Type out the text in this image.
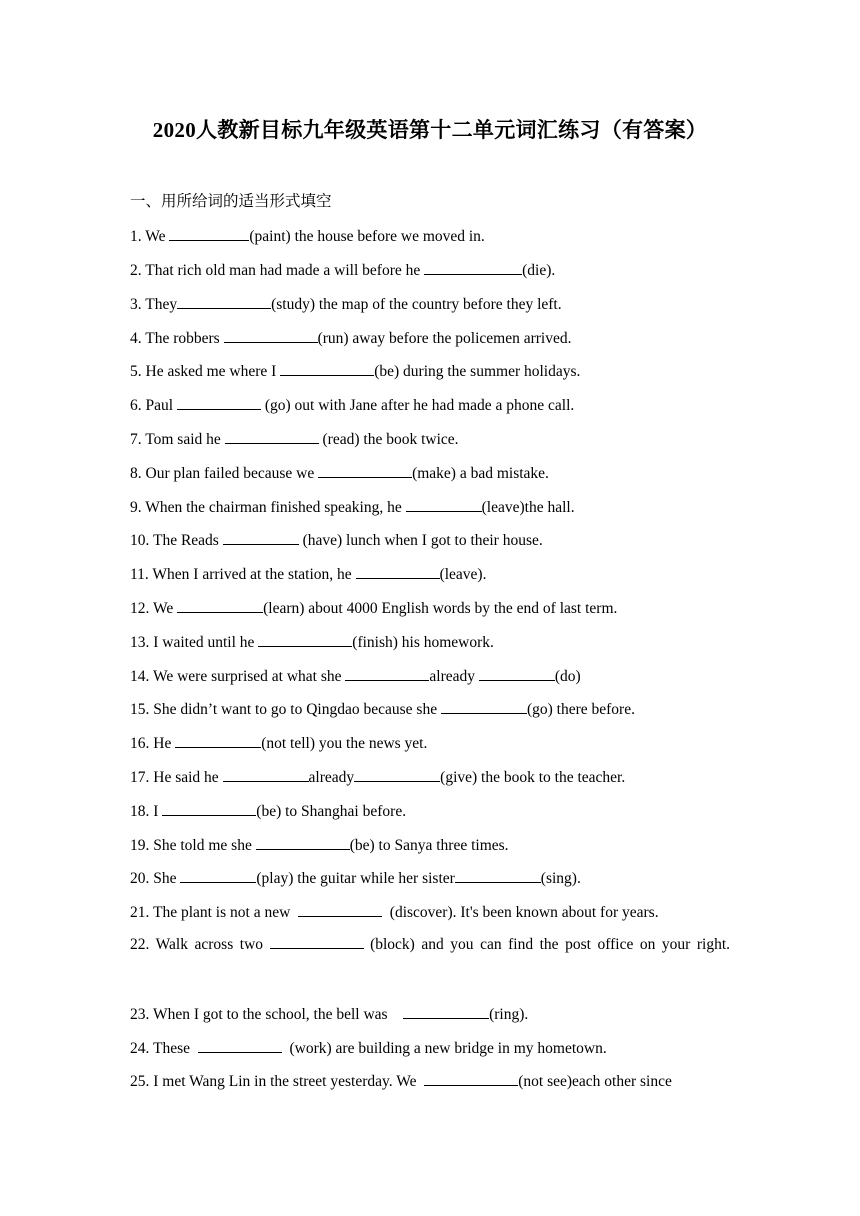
2020人教新目标九年级英语第十二单元词汇练习（有答案）
一、用所给词的适当形式填空
1. We	(paint) the house before we moved in.
2. That rich old man had made a will before he	(die).
3. They	(study) the map of the country before they left.
4. The robbers	(run) away before the policemen arrived.
5. He asked me where I	(be) during the summer holidays.
6. Paul	(go) out with Jane after he had made a phone call.
7. Tom said he	(read) the book twice.
8. Our plan failed because we	(make) a bad mistake.
9. When the chairman finished speaking, he	(leave)the hall.
10. The Reads	(have) lunch when I got to their house.
11. When I arrived at the station, he	(leave).
12. We	(learn) about 4000 English words by the end of last term.
13. I waited until he	(finish) his homework.
14. We were surprised at what she	already	(do)
15. She didn’t want to go to Qingdao because she	(go) there before.
16. He	(not tell) you the news yet.
17. He said he	already	(give) the book to the teacher.
18. I	(be) to Shanghai before.
19. She told me she	(be) to Sanya three times.
20. She	(play) the guitar while her sister	(sing).
21. The plant is not a new	(discover). It's been known about for years.
22. Walk across two	(block) and you can find the post office on your right.
23. When I got to the school, the bell was	(ring).
24. These	(work) are building a new bridge in my hometown.
25. I met Wang Lin in the street yesterday. We	(not see)each other since
